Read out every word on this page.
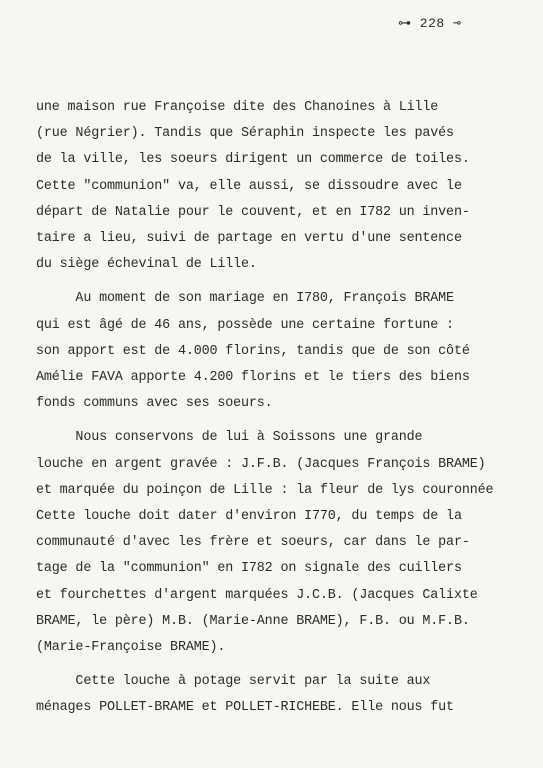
⊶ 228 ⊸
une maison rue Françoise dite des Chanoines à Lille
(rue Négrier). Tandis que Séraphin inspecte les pavés
de la ville, les soeurs dirigent un commerce de toiles.
Cette "communion" va, elle aussi, se dissoudre avec le
départ de Natalie pour le couvent, et en I782 un inven-
taire a lieu, suivi de partage en vertu d'une sentence
du siège échevinal de Lille.
Au moment de son mariage en I780, François BRAME
qui est âgé de 46 ans, possède une certaine fortune :
son apport est de 4.000 florins, tandis que de son côté
Amélie FAVA apporte 4.200 florins et le tiers des biens
fonds communs avec ses soeurs.
Nous conservons de lui à Soissons une grande
louche en argent gravée : J.F.B. (Jacques François BRAME)
et marquée du poinçon de Lille : la fleur de lys couronnée
Cette louche doit dater d'environ I770, du temps de la
communauté d'avec les frère et soeurs, car dans le par-
tage de la "communion" en I782 on signale des cuillers
et fourchettes d'argent marquées J.C.B. (Jacques Calixte
BRAME, le père) M.B. (Marie-Anne BRAME), F.B. ou M.F.B.
(Marie-Françoise BRAME).
Cette louche à potage servit par la suite aux
ménages POLLET-BRAME et POLLET-RICHEBE. Elle nous fut
